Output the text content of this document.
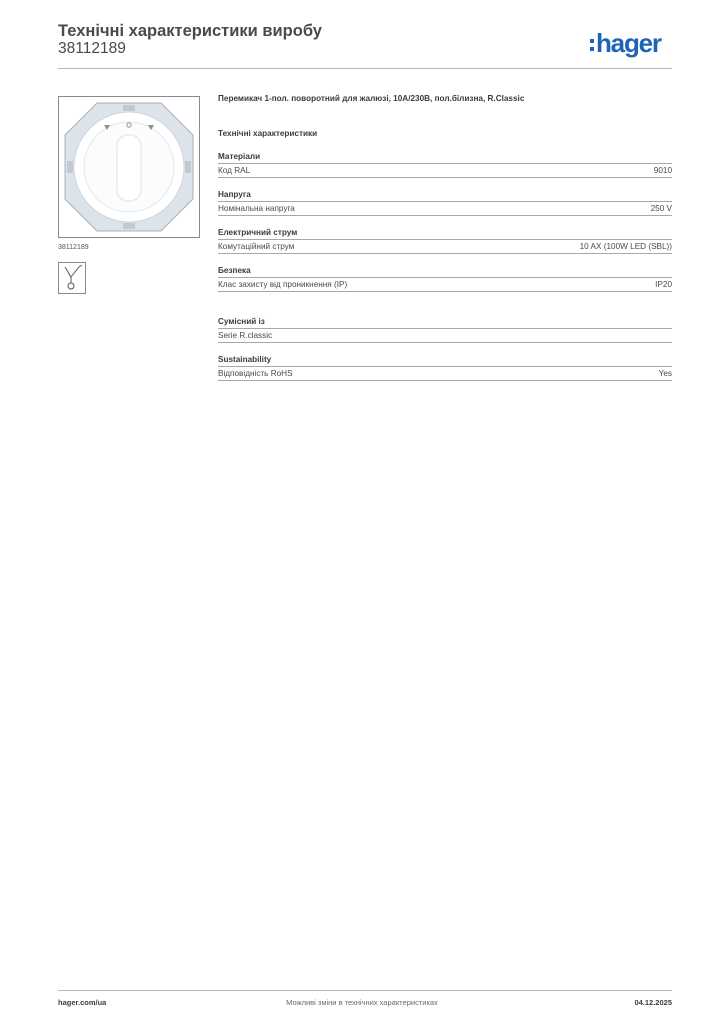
Технічні характеристики виробу
38112189	hager
38112189
Перемикач 1-пол. поворотний для жалюзі, 10А/230В, пол.білизна, R.Classic
Технічні характеристики
Матеріали
Код RAL	9010
Напруга
Номінальна напруга	250 V
Електричний струм
Комутаційний струм	10 AX (100W LED (SBL))
Безпека
Клас захисту від проникнення (IP)	IP20
Сумісний із
Serie R.classic
Sustainability
Відповідність RoHS	Yes
hager.com/ua	Можливі зміни в технічних характеристиках	04.12.2025
